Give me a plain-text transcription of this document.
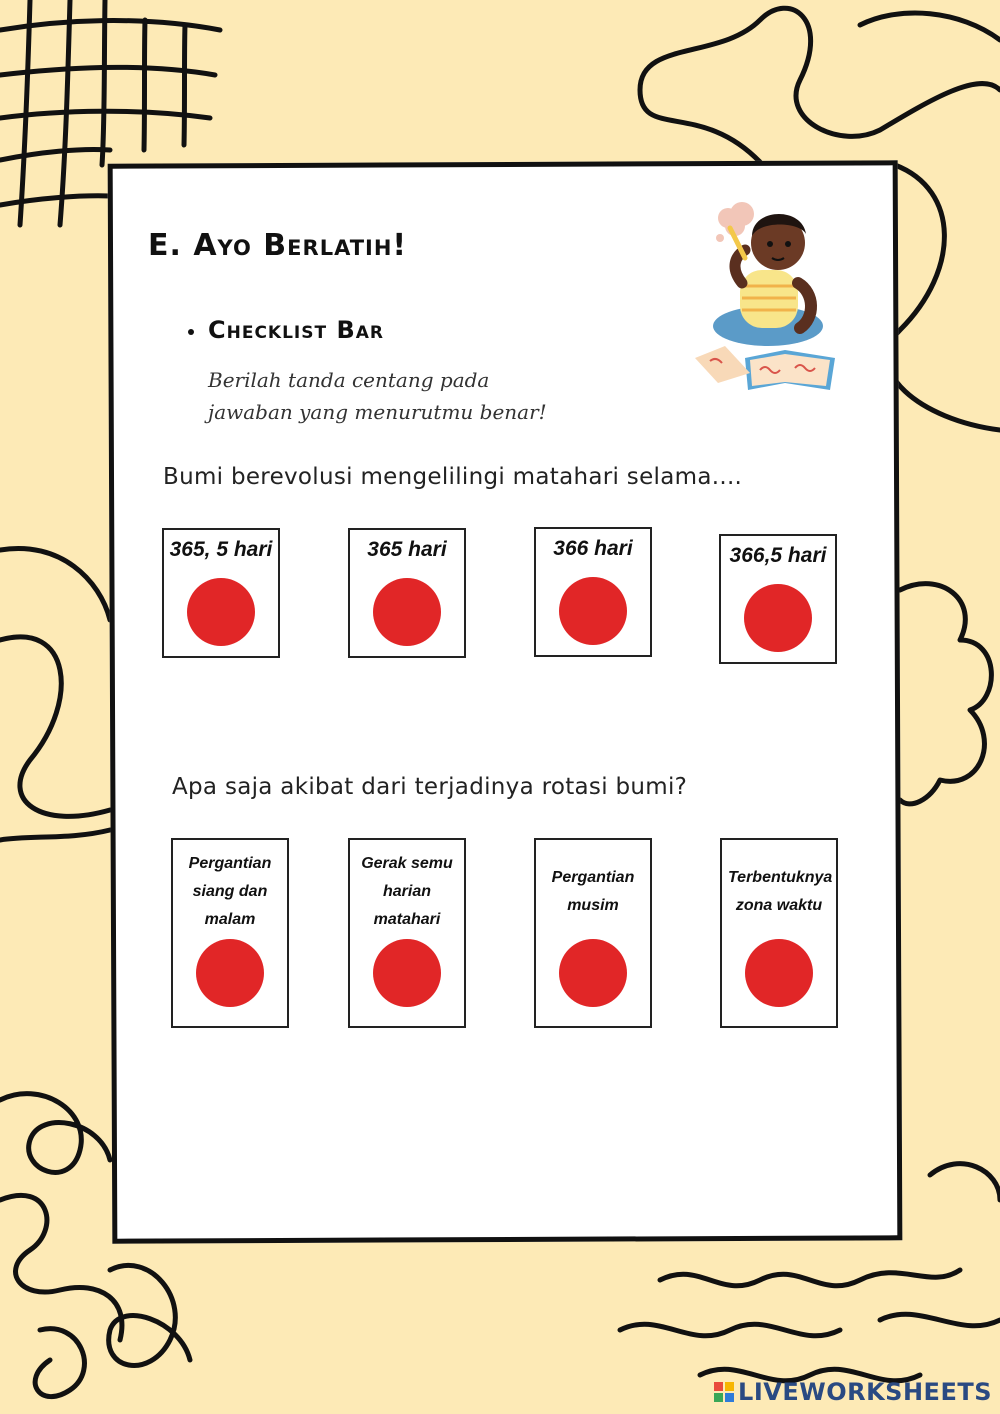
E. Ayo Berlatih!
Checklist Bar
Berilah tanda centang pada
jawaban yang menurutmu benar!
Bumi berevolusi mengelilingi matahari selama....
365, 5 hari	365 hari	366 hari	366,5 hari
Apa saja akibat dari terjadinya rotasi bumi?
Pergantian siang dan malam
Gerak semu harian matahari
Pergantian musim
Terbentuknya zona waktu
LIVEWORKSHEETS
